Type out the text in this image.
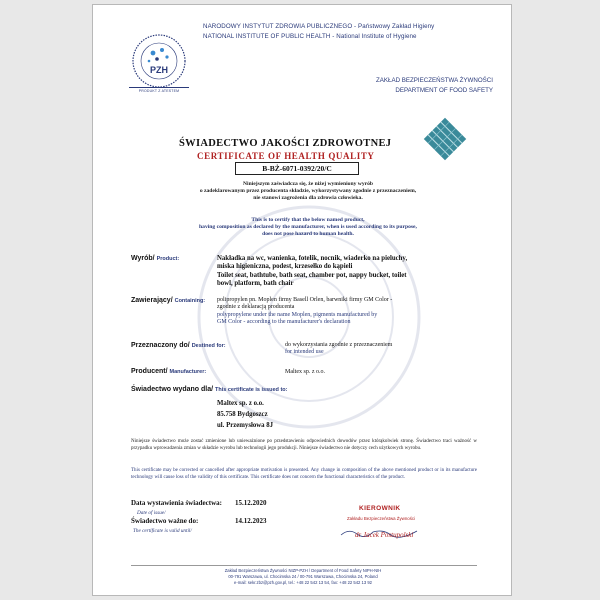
PZH
PRODUKT Z ATESTEM
NARODOWY INSTYTUT ZDROWIA PUBLICZNEGO - Państwowy Zakład Higieny
NATIONAL INSTITUTE OF PUBLIC HEALTH - National Institute of Hygiene
ZAKŁAD BEZPIECZEŃSTWA ŻYWNOŚCI
DEPARTMENT OF FOOD SAFETY
ŚWIADECTWO JAKOŚCI ZDROWOTNEJ
CERTIFICATE OF HEALTH QUALITY
B-BŻ-6071-0392/20/C
Niniejszym zaświadcza się, że niżej wymieniony wyrób
o zadeklarowanym przez producenta składzie, wykorzystywany zgodnie z przeznaczeniem,
nie stanowi zagrożenia dla zdrowia człowieka.
This is to certify that the below named product,
having composition as declared by the manufacturer, when is used according to its purpose,
does not pose hazard to human health.
Wyrób/ Product:	Nakładka na wc, wanienka, fotelik, nocnik, wiaderko na pieluchy,
miska higieniczna, podest, krzesełko do kąpieli
Toilet seat, bathtube, bath seat, chamber pot, nappy bucket, toilet
bowl, platform, bath chair
Zawierający/ Containing: polipropylen pn. Moplen firmy Basell Orlen, barwniki firmy GM Color -
zgodnie z deklaracją producenta
polypropylene under the name Moplen, pigments manufactured by
GM Color - according to the manufacturer's declaration
Przeznaczony do/ Destined for:	do wykorzystania zgodnie z przeznaczeniem
for intended use
Producent/ Manufacturer:	Maltex sp. z o.o.
Świadectwo wydano dla/ This certificate is issued to:
Maltex sp. z o.o.
85.758 Bydgoszcz
ul. Przemysłowa 8J
Niniejsze świadectwo może zostać zmienione lub unieważnione po przedstawieniu odpowiednich dowodów przez którąkolwiek stronę. Świadectwo traci ważność w przypadku wprowadzenia zmian w składzie wyrobu lub technologii jego produkcji. Niniejsze świadectwo nie dotyczy cech użytkowych wyrobu.
This certificate may be corrected or cancelled after appropriate motivation is presented. Any change in composition of the above mentioned product or in its manufacture technology will cause loss of the validity of this certificate. This certificate does not concern the functional characteristics of the product.
Data wystawienia świadectwa: 15.12.2020
Date of issue/
Świadectwo ważne do:	14.12.2023
The certificate is valid until/
KIEROWNIK
Zakładu Bezpieczeństwa Żywności
dr Jacek Postupolski
Zakład Bezpieczeństwa Żywności NIZP-PZH / Department of Food Safety NIPH-NIH
00-791 Warszawa, ul. Chocimska 24 / 00-791 Warszawa, Chocimska 24, Poland
e-mail: sekr.zbz@pzh.gov.pl, tel.: +48 22 542 13 54, fax: +48 22 542 13 92
